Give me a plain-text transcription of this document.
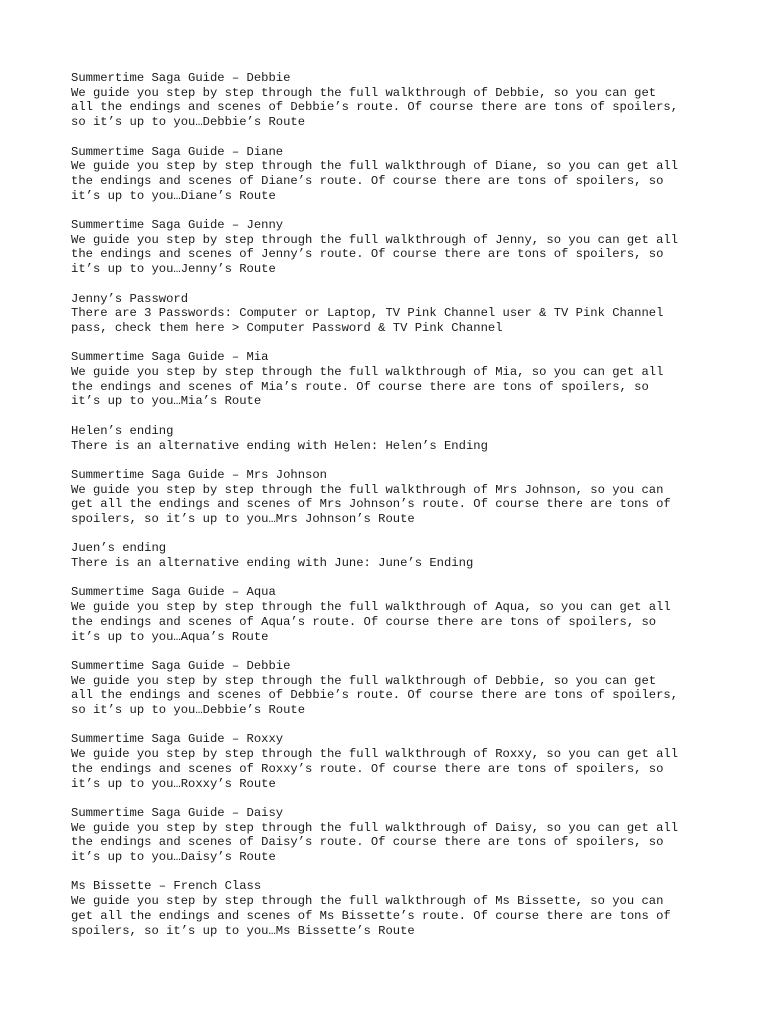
Summertime Saga Guide – Debbie
We guide you step by step through the full walkthrough of Debbie, so you can get
all the endings and scenes of Debbie’s route. Of course there are tons of spoilers,
so it’s up to you…Debbie’s Route
Summertime Saga Guide – Diane
We guide you step by step through the full walkthrough of Diane, so you can get all
the endings and scenes of Diane’s route. Of course there are tons of spoilers, so
it’s up to you…Diane’s Route
Summertime Saga Guide – Jenny
We guide you step by step through the full walkthrough of Jenny, so you can get all
the endings and scenes of Jenny’s route. Of course there are tons of spoilers, so
it’s up to you…Jenny’s Route
Jenny’s Password
There are 3 Passwords: Computer or Laptop, TV Pink Channel user & TV Pink Channel
pass, check them here > Computer Password & TV Pink Channel
Summertime Saga Guide – Mia
We guide you step by step through the full walkthrough of Mia, so you can get all
the endings and scenes of Mia’s route. Of course there are tons of spoilers, so
it’s up to you…Mia’s Route
Helen’s ending
There is an alternative ending with Helen: Helen’s Ending
Summertime Saga Guide – Mrs Johnson
We guide you step by step through the full walkthrough of Mrs Johnson, so you can
get all the endings and scenes of Mrs Johnson’s route. Of course there are tons of
spoilers, so it’s up to you…Mrs Johnson’s Route
Juen’s ending
There is an alternative ending with June: June’s Ending
Summertime Saga Guide – Aqua
We guide you step by step through the full walkthrough of Aqua, so you can get all
the endings and scenes of Aqua’s route. Of course there are tons of spoilers, so
it’s up to you…Aqua’s Route
Summertime Saga Guide – Debbie
We guide you step by step through the full walkthrough of Debbie, so you can get
all the endings and scenes of Debbie’s route. Of course there are tons of spoilers,
so it’s up to you…Debbie’s Route
Summertime Saga Guide – Roxxy
We guide you step by step through the full walkthrough of Roxxy, so you can get all
the endings and scenes of Roxxy’s route. Of course there are tons of spoilers, so
it’s up to you…Roxxy’s Route
Summertime Saga Guide – Daisy
We guide you step by step through the full walkthrough of Daisy, so you can get all
the endings and scenes of Daisy’s route. Of course there are tons of spoilers, so
it’s up to you…Daisy’s Route
Ms Bissette – French Class
We guide you step by step through the full walkthrough of Ms Bissette, so you can
get all the endings and scenes of Ms Bissette’s route. Of course there are tons of
spoilers, so it’s up to you…Ms Bissette’s Route
